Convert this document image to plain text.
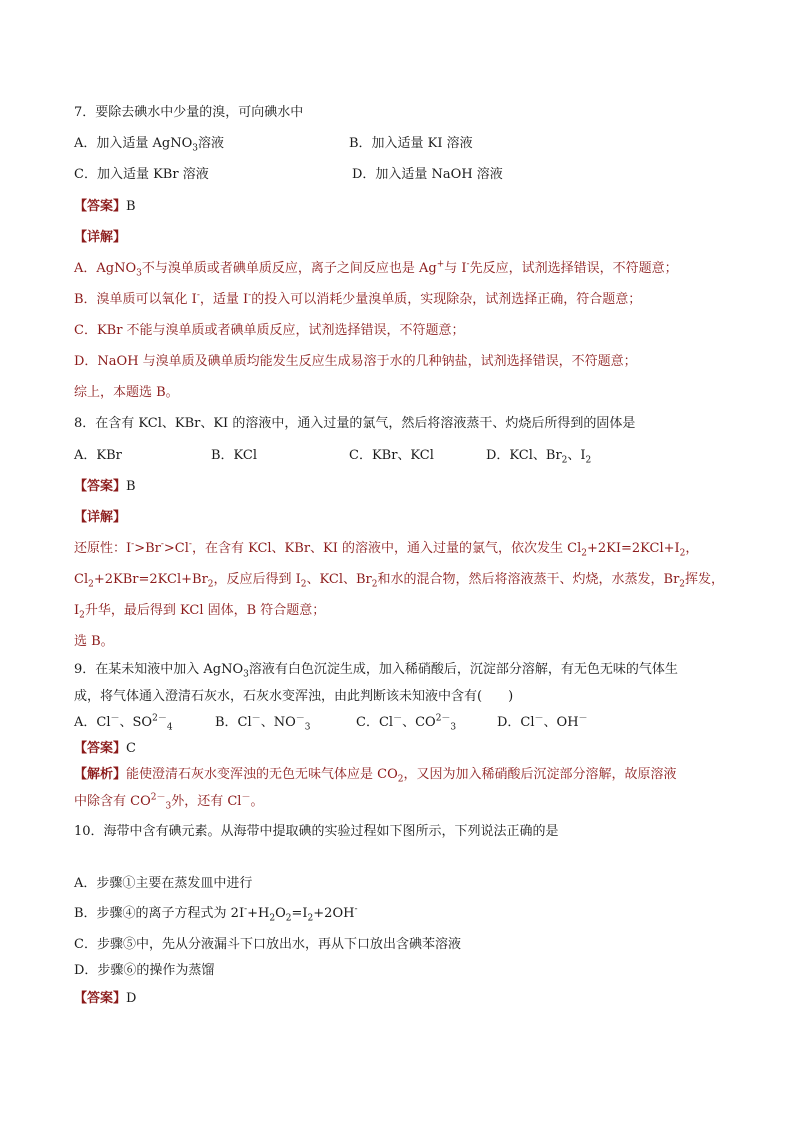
7．要除去碘水中少量的溴，可向碘水中
A．加入适量 AgNO$_3$溶液	B．加入适量 KI 溶液
C．加入适量 KBr 溶液	D．加入适量 NaOH 溶液
【答案】B
【详解】
A．AgNO$_3$不与溴单质或者碘单质反应，离子之间反应也是 Ag+与 I-先反应，试剂选择错误，不符题意；
B．溴单质可以氧化 I-，适量 I-的投入可以消耗少量溴单质，实现除杂，试剂选择正确，符合题意；
C．KBr 不能与溴单质或者碘单质反应，试剂选择错误，不符题意；
D．NaOH 与溴单质及碘单质均能发生反应生成易溶于水的几种钠盐，试剂选择错误，不符题意；
综上，本题选 B。
8．在含有 KCl、KBr、KI 的溶液中，通入过量的氯气，然后将溶液蒸干、灼烧后所得到的固体是
A．KBr	B．KCl	C．KBr、KCl	D．KCl、$Br_2$、$I_2$
【答案】B
【详解】
还原性：I->Br->Cl-，在含有 KCl、KBr、KI 的溶液中，通入过量的氯气，依次发生 $Cl_2+2KI=2KCl+I_2$，
$Cl_2+2KBr=2KCl+Br_2$，反应后得到 $I_2$、KCl、$Br_2$和水的混合物，然后将溶液蒸干、灼烧，水蒸发，$Br_2$挥发，
$I_2$升华，最后得到 KCl 固体，B 符合题意；
选 B。
9．在某未知液中加入 AgNO$_3$溶液有白色沉淀生成，加入稀硝酸后，沉淀部分溶解，有无色无味的气体生
成，将气体通入澄清石灰水，石灰水变浑浊，由此判断该未知液中含有(　　)
A．Cl－、$SO^{2-}_4$	B．Cl－、$NO^-_3$	C．Cl－、$CO^{2-}_3$	D．Cl－、OH－
【答案】C
【解析】能使澄清石灰水变浑浊的无色无味气体应是 $CO_2$，又因为加入稀硝酸后沉淀部分溶解，故原溶液
中除含有 $CO^{2-}_3$外，还有 Cl－。
10．海带中含有碘元素。从海带中提取碘的实验过程如下图所示，下列说法正确的是
A．步骤①主要在蒸发皿中进行
B．步骤④的离子方程式为 $2I^-+H_2O_2=I_2+2OH^-$
C．步骤⑤中，先从分液漏斗下口放出水，再从下口放出含碘苯溶液
D．步骤⑥的操作为蒸馏
【答案】D
